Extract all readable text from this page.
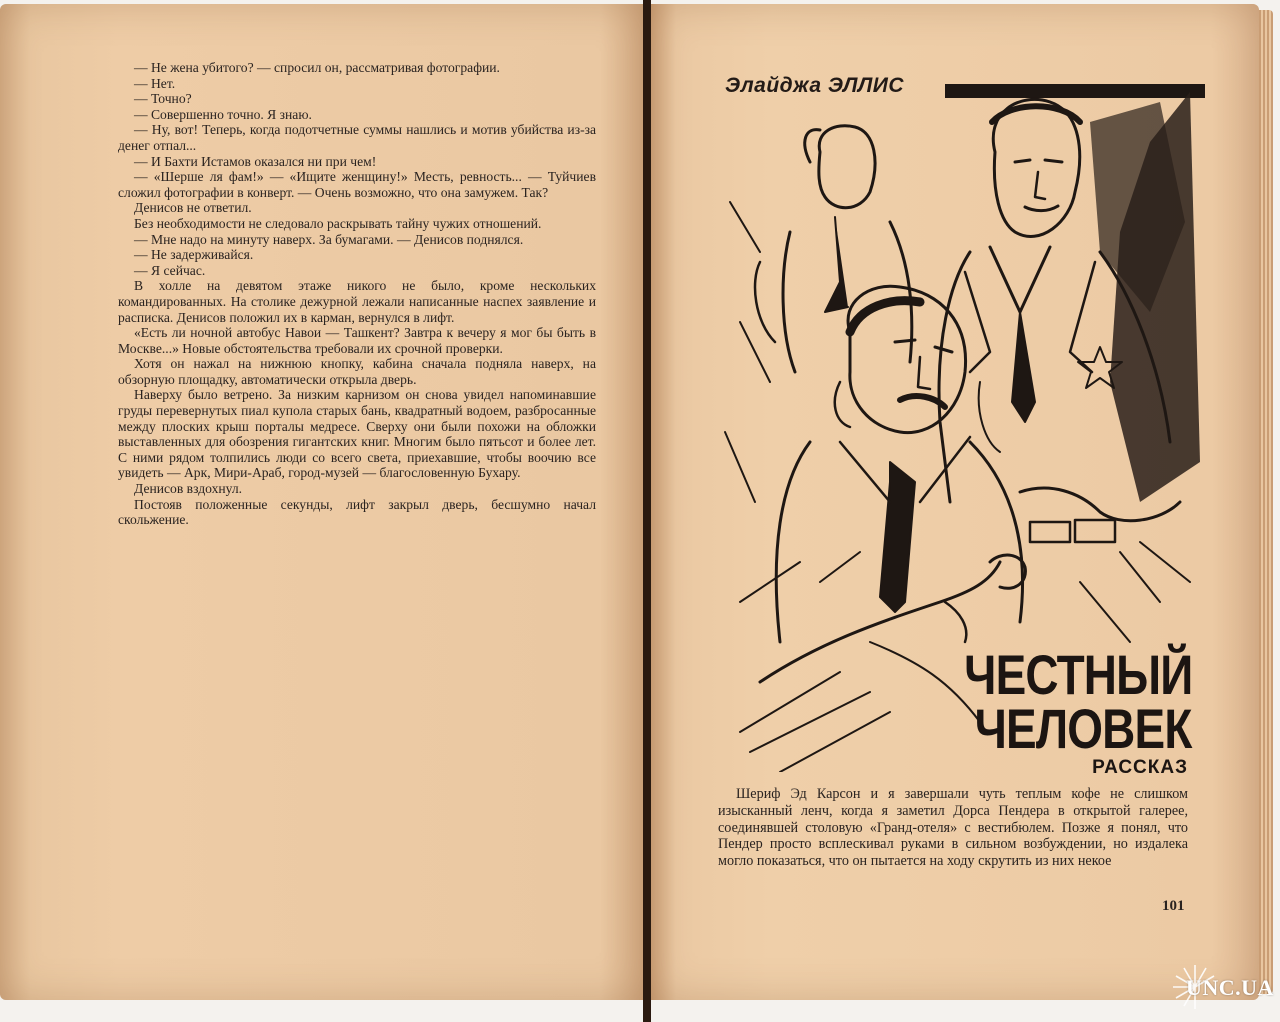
— Не жена убитого? — спросил он, рассматривая фотографии.

— Нет.

— Точно?

— Совершенно точно. Я знаю.

— Ну, вот! Теперь, когда подотчетные суммы нашлись и мотив убийства из-за денег отпал...

— И Бахти Истамов оказался ни при чем!

— «Шерше ля фам!» — «Ищите женщину!» Месть, ревность... — Туйчиев сложил фотографии в конверт. — Очень возможно, что она замужем. Так?

Денисов не ответил.

Без необходимости не следовало раскрывать тайну чужих отношений.

— Мне надо на минуту наверх. За бумагами. — Денисов поднялся.

— Не задерживайся.

— Я сейчас.

В холле на девятом этаже никого не было, кроме нескольких командированных. На столике дежурной лежали написанные наспех заявление и расписка. Денисов положил их в карман, вернулся в лифт.

«Есть ли ночной автобус Навои — Ташкент? Завтра к вечеру я мог бы быть в Москве...» Новые обстоятельства требовали их срочной проверки.

Хотя он нажал на нижнюю кнопку, кабина сначала подняла наверх, на обзорную площадку, автоматически открыла дверь.

Наверху было ветрено. За низким карнизом он снова увидел напоминавшие груды перевернутых пиал купола старых бань, квадратный водоем, разбросанные между плоских крыш порталы медресе. Сверху они были похожи на обложки выставленных для обозрения гигантских книг. Многим было пятьсот и более лет. С ними рядом толпились люди со всего света, приехавшие, чтобы воочию все увидеть — Арк, Мири-Араб, город-музей — благословенную Бухару.

Денисов вздохнул.

Постояв положенные секунды, лифт закрыл дверь, бесшумно начал скольжение.

Элайджа ЭЛЛИС
ЧЕСТНЫЙ
ЧЕЛОВЕК
РАССКАЗ

Шериф Эд Карсон и я завершали чуть теплым кофе не слишком изысканный ленч, когда я заметил Дорса Пендера в открытой галерее, соединявшей столовую «Гранд-отеля» с вестибюлем. Позже я понял, что Пендер просто всплескивал руками в сильном возбуждении, но издалека могло показаться, что он пытается на ходу скрутить из них некое

101
UNC.UA
